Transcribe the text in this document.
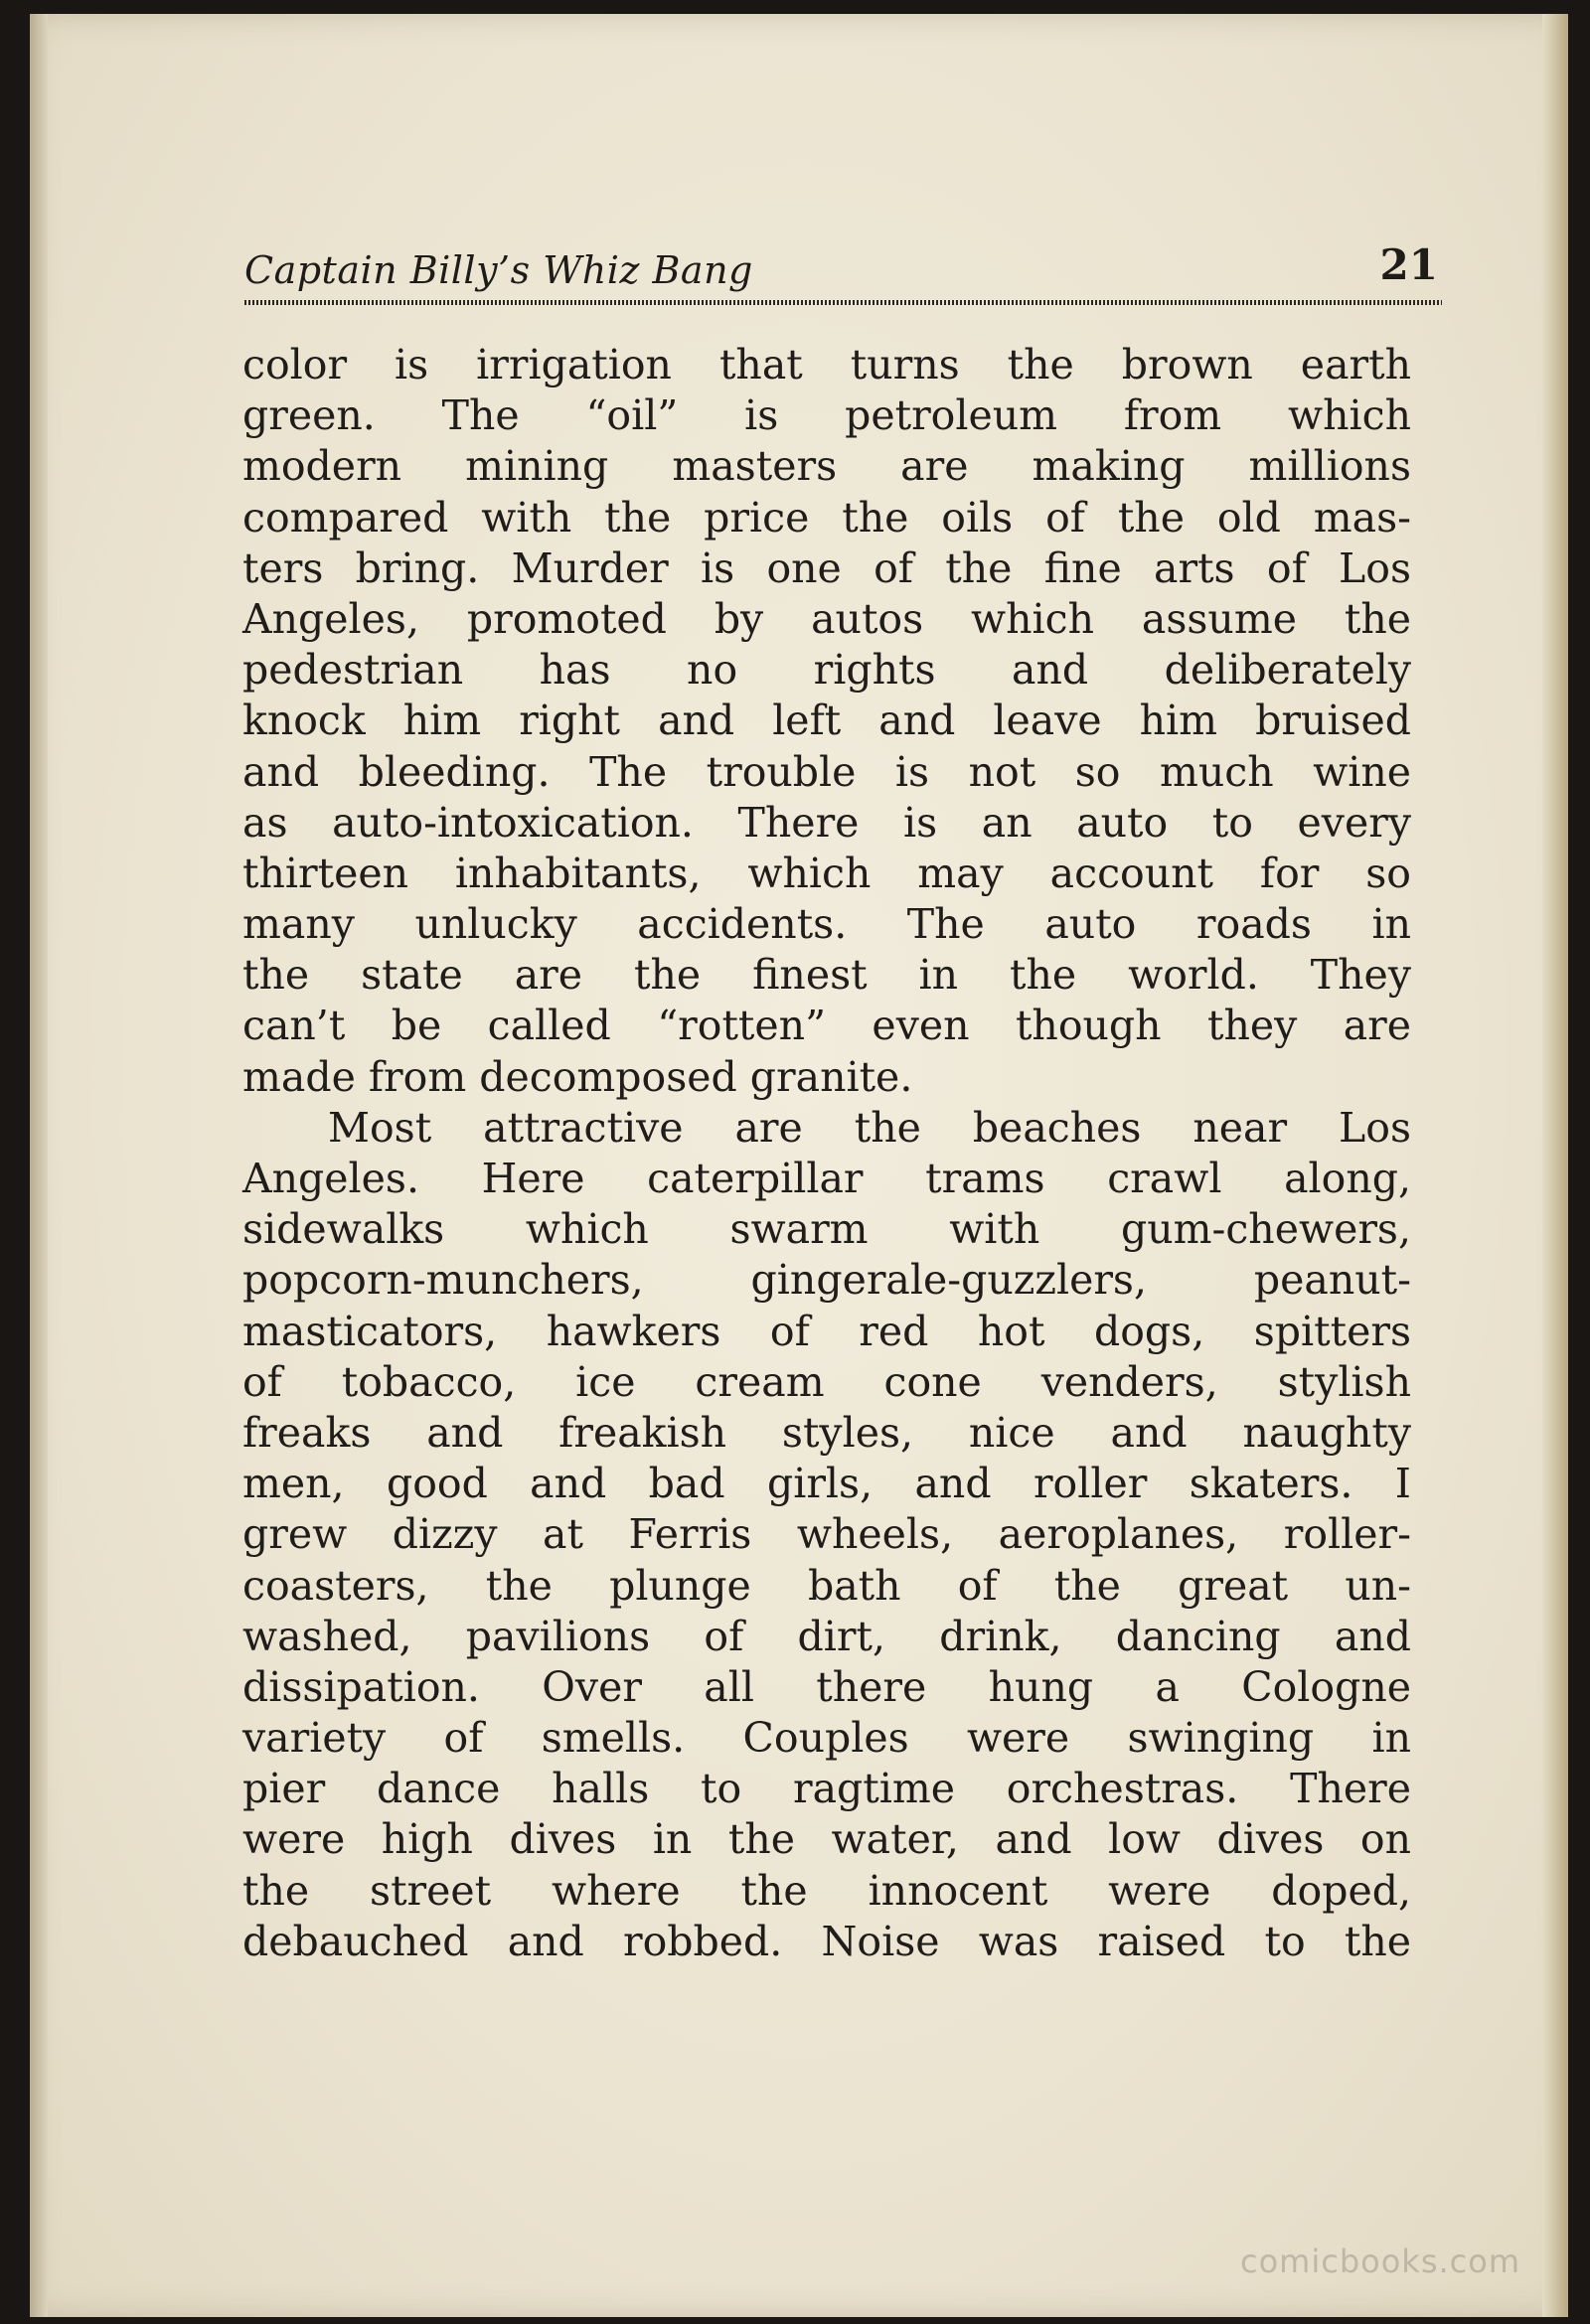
Captain Billy’s Whiz Bang	21
color is irrigation that turns the brown earth
green. The “oil” is petroleum from which
modern mining masters are making millions
compared with the price the oils of the old mas-
ters bring. Murder is one of the fine arts of Los
Angeles, promoted by autos which assume the
pedestrian has no rights and deliberately
knock him right and left and leave him bruised
and bleeding. The trouble is not so much wine
as auto-intoxication. There is an auto to every
thirteen inhabitants, which may account for so
many unlucky accidents. The auto roads in
the state are the finest in the world. They
can’t be called “rotten” even though they are
made from decomposed granite.
Most attractive are the beaches near Los
Angeles. Here caterpillar trams crawl along,
sidewalks which swarm with gum-chewers,
popcorn-munchers, gingerale-guzzlers, peanut-
masticators, hawkers of red hot dogs, spitters
of tobacco, ice cream cone venders, stylish
freaks and freakish styles, nice and naughty
men, good and bad girls, and roller skaters. I
grew dizzy at Ferris wheels, aeroplanes, roller-
coasters, the plunge bath of the great un-
washed, pavilions of dirt, drink, dancing and
dissipation. Over all there hung a Cologne
variety of smells. Couples were swinging in
pier dance halls to ragtime orchestras. There
were high dives in the water, and low dives on
the street where the innocent were doped,
debauched and robbed. Noise was raised to the
comicbooks.com
